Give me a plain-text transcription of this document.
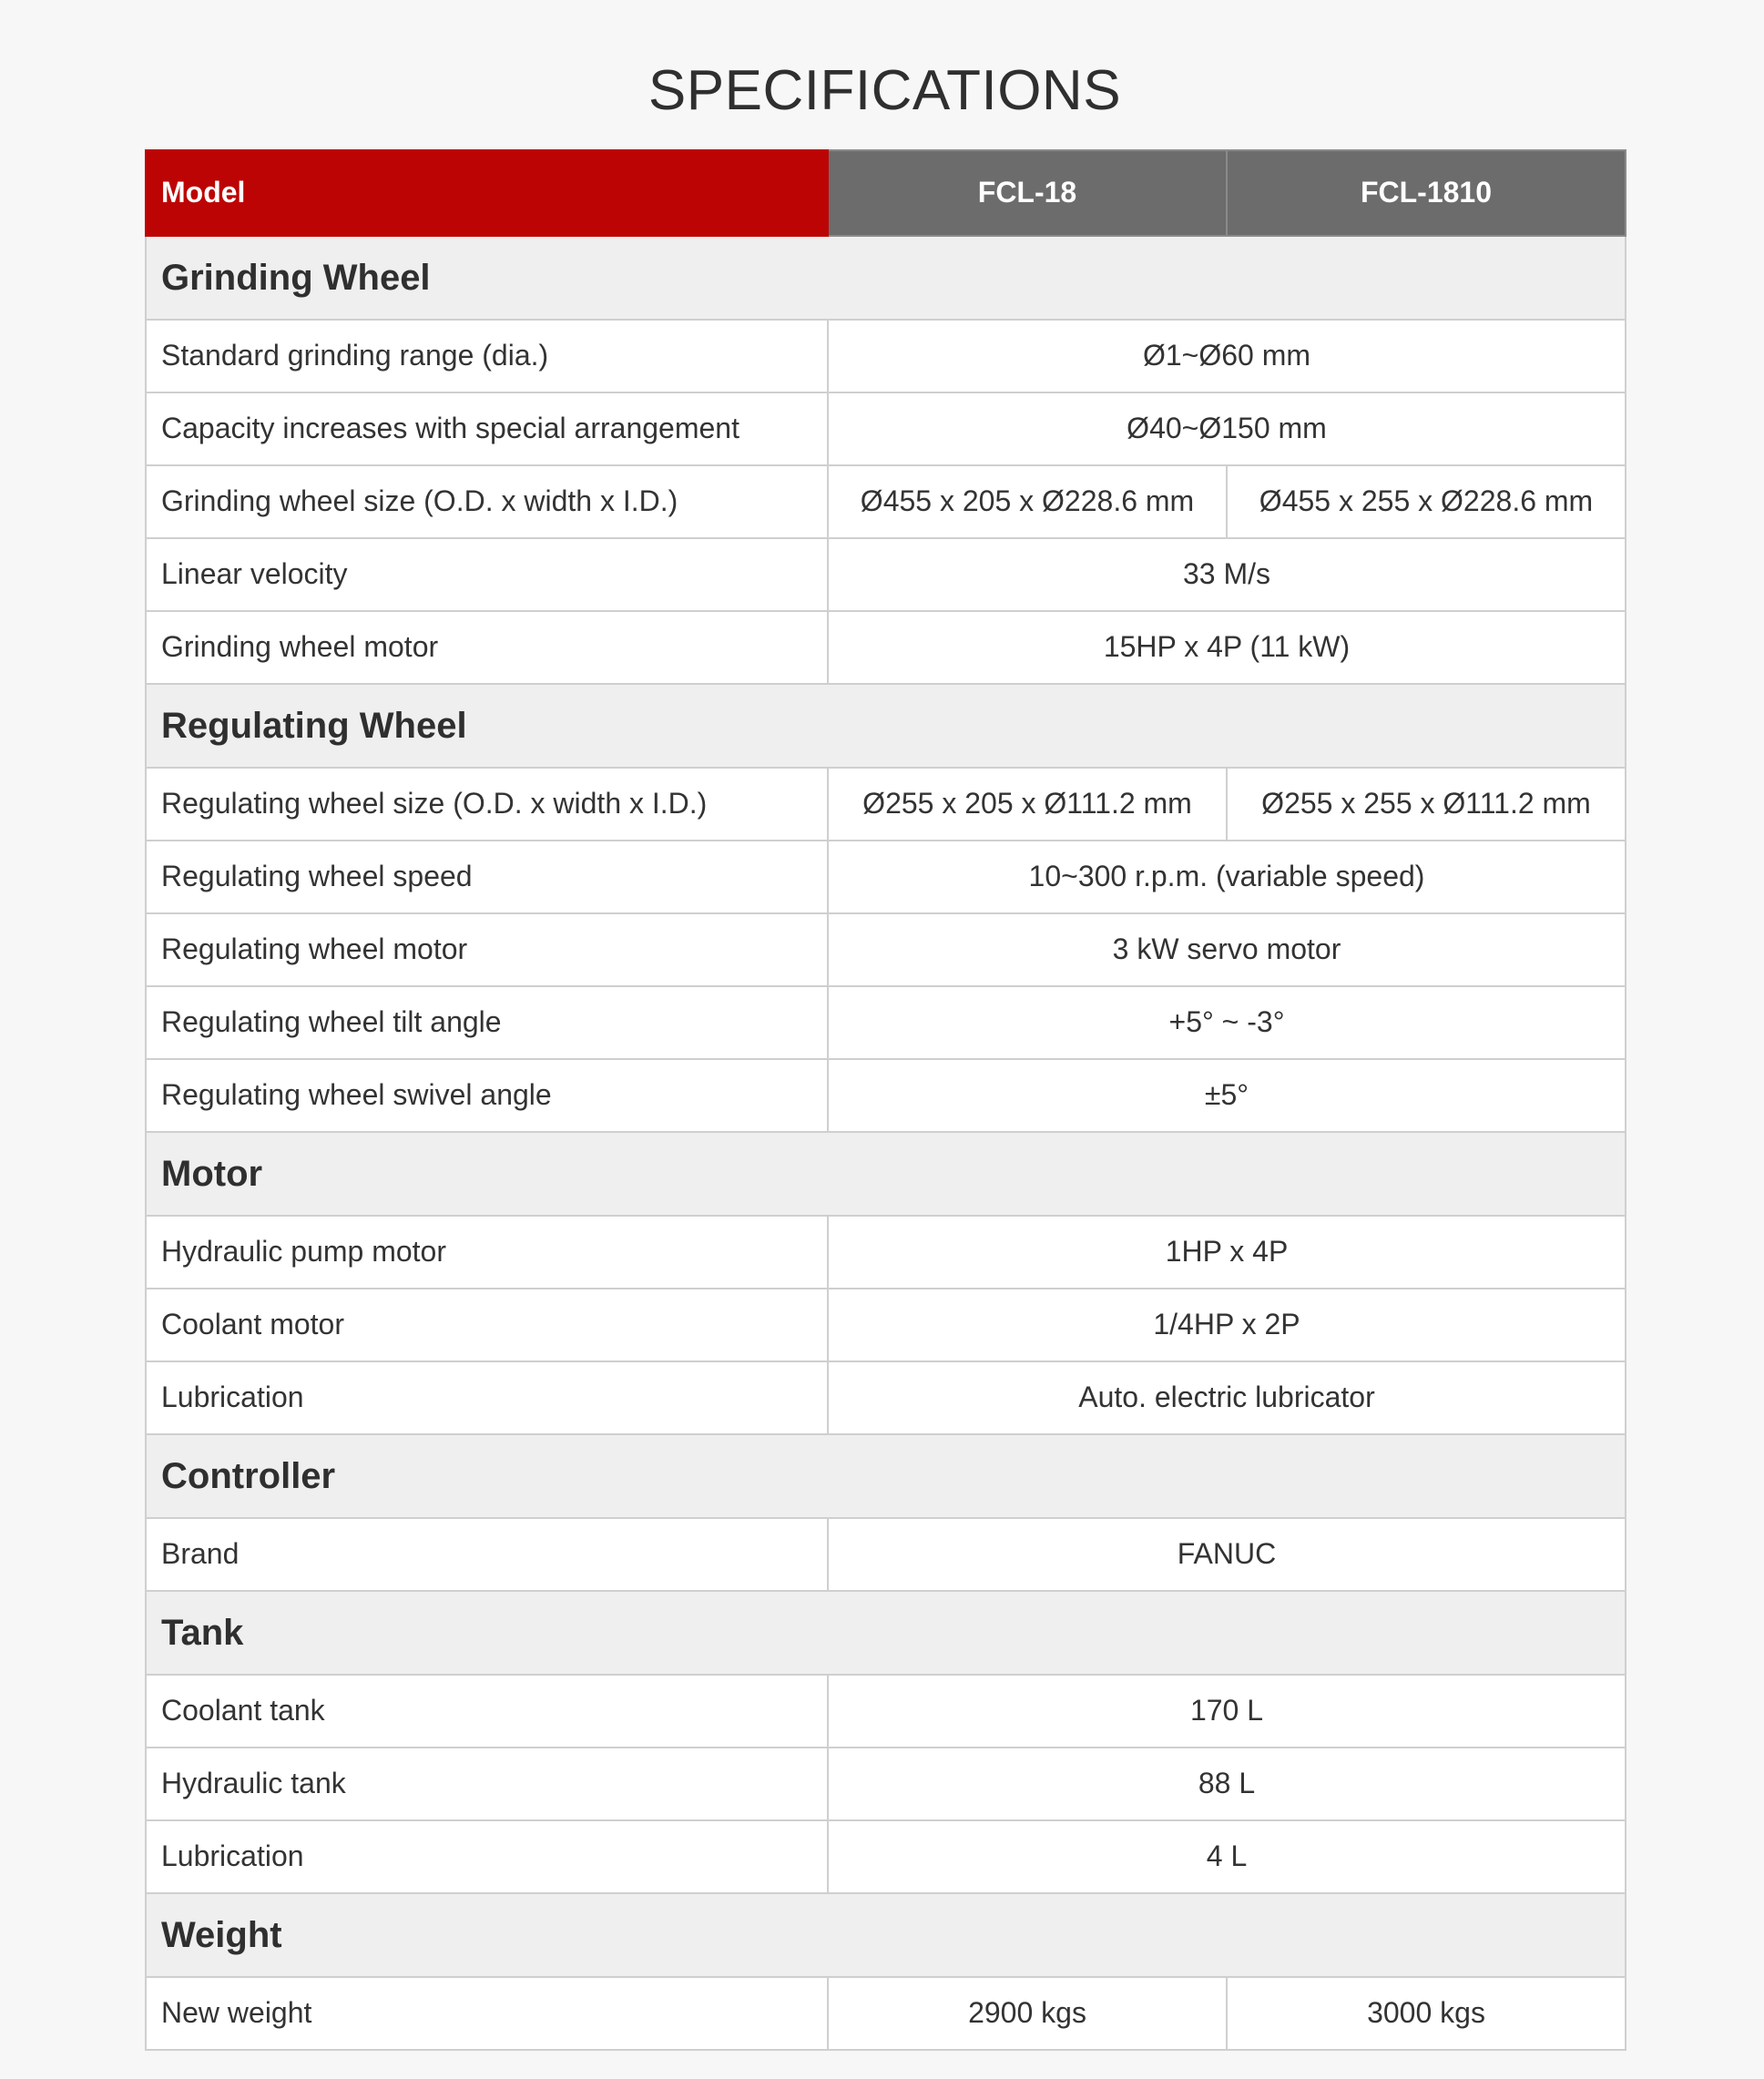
SPECIFICATIONS
Model	FCL-18	FCL-1810
Grinding Wheel		
Standard grinding range (dia.)	Ø1~Ø60 mm	
Capacity increases with special arrangement	Ø40~Ø150 mm	
Grinding wheel size (O.D. x width x I.D.)	Ø455 x 205 x Ø228.6 mm	Ø455 x 255 x Ø228.6 mm
Linear velocity	33 M/s	
Grinding wheel motor	15HP x 4P (11 kW)	
Regulating Wheel		
Regulating wheel size (O.D. x width x I.D.)	Ø255 x 205 x Ø111.2 mm	Ø255 x 255 x Ø111.2 mm
Regulating wheel speed	10~300 r.p.m. (variable speed)	
Regulating wheel motor	3 kW servo motor	
Regulating wheel tilt angle	+5° ~ -3°	
Regulating wheel swivel angle	±5°	
Motor		
Hydraulic pump motor	1HP x 4P	
Coolant motor	1/4HP x 2P	
Lubrication	Auto. electric lubricator	
Controller		
Brand	FANUC	
Tank		
Coolant tank	170 L	
Hydraulic tank	88 L	
Lubrication	4 L	
Weight		
New weight	2900 kgs	3000 kgs
